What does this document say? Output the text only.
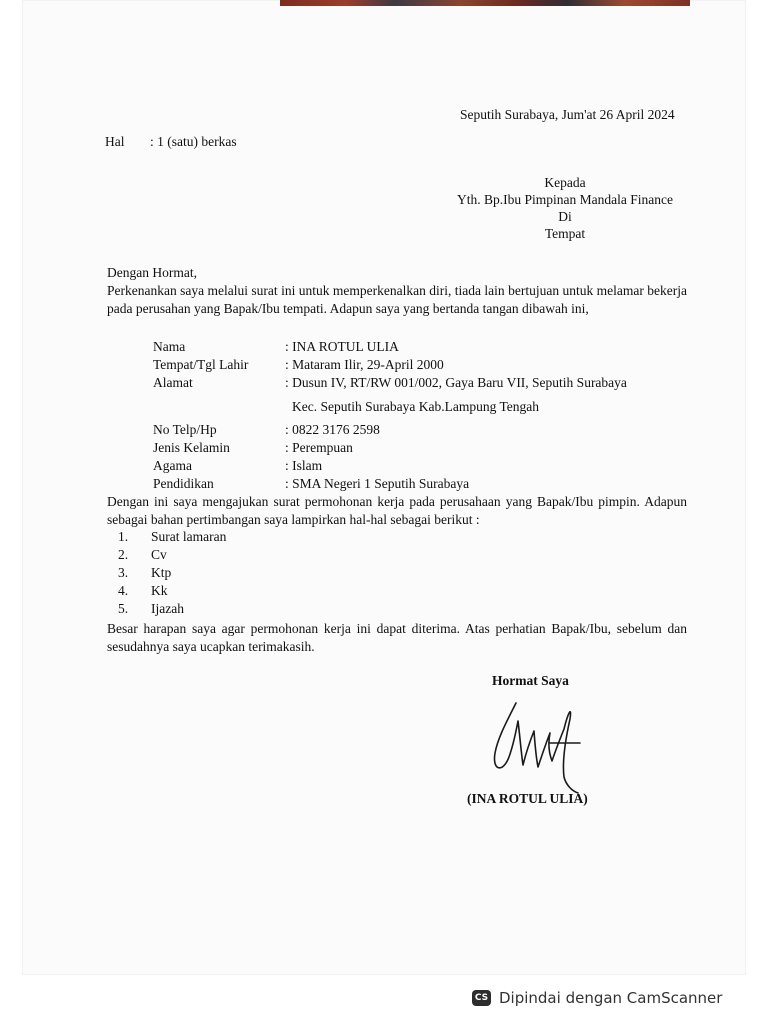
Seputih Surabaya, Jum'at 26 April 2024
Hal : 1 (satu) berkas
Kepada
Yth. Bp.Ibu Pimpinan Mandala Finance
Di
Tempat
Dengan Hormat,
Perkenankan saya melalui surat ini untuk memperkenalkan diri, tiada lain bertujuan untuk melamar bekerja pada perusahan yang Bapak/Ibu tempati. Adapun saya yang bertanda tangan dibawah ini,
Nama	: INA ROTUL ULIA
Tempat/Tgl Lahir	: Mataram Ilir, 29-April 2000
Alamat	: Dusun IV, RT/RW 001/002, Gaya Baru VII, Seputih Surabaya
Kec. Seputih Surabaya Kab.Lampung Tengah
No Telp/Hp	: 0822 3176 2598
Jenis Kelamin	: Perempuan
Agama	: Islam
Pendidikan	: SMA Negeri 1 Seputih Surabaya
Dengan ini saya mengajukan surat permohonan kerja pada perusahaan yang Bapak/Ibu pimpin. Adapun sebagai bahan pertimbangan saya lampirkan hal-hal sebagai berikut :
1. Surat lamaran
2. Cv
3. Ktp
4. Kk
5. Ijazah
Besar harapan saya agar permohonan kerja ini dapat diterima. Atas perhatian Bapak/Ibu, sebelum dan sesudahnya saya ucapkan terimakasih.
Hormat Saya
(INA ROTUL ULIA)
CS Dipindai dengan CamScanner
